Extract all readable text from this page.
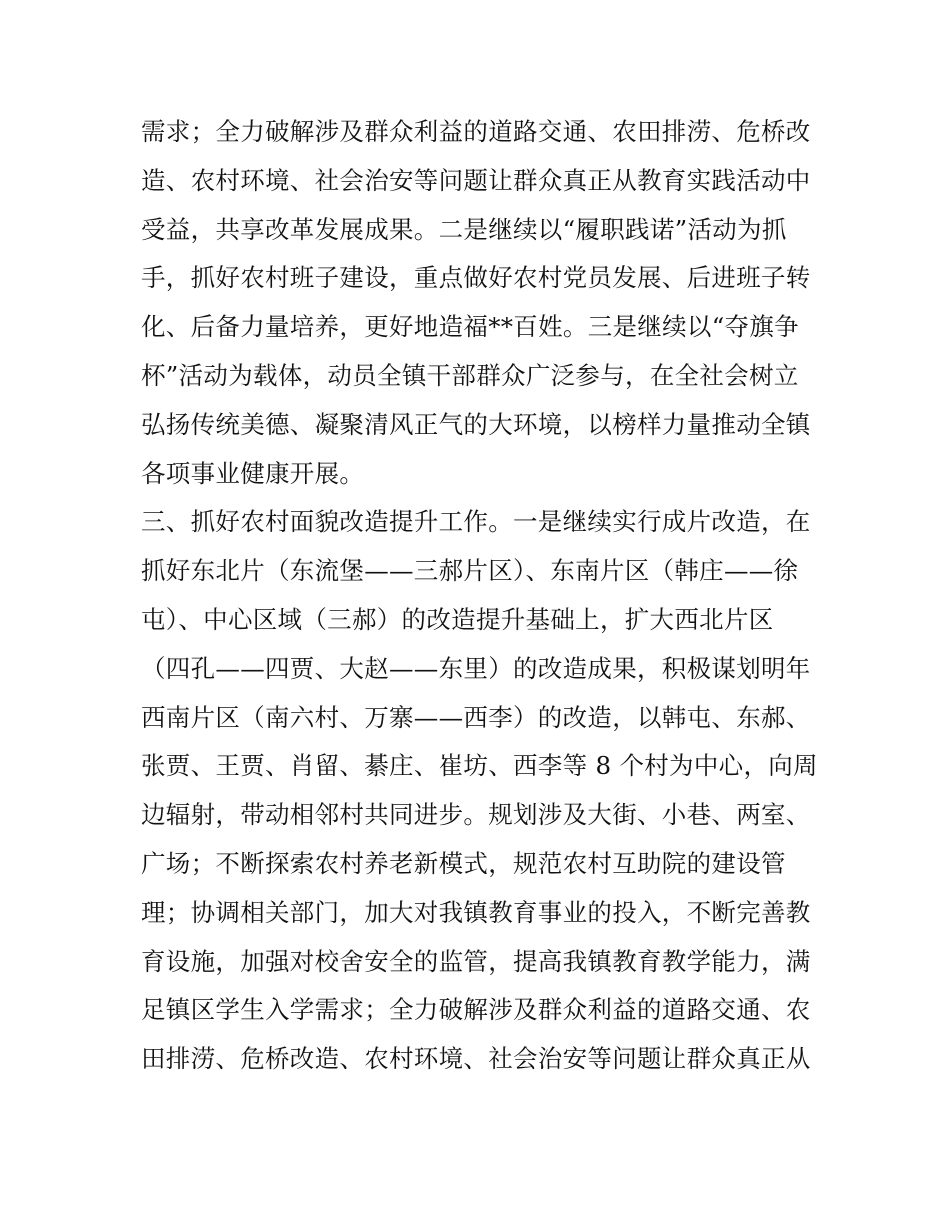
需求；全力破解涉及群众利益的道路交通、农田排涝、危桥改
造、农村环境、社会治安等问题让群众真正从教育实践活动中
受益，共享改革发展成果。二是继续以“履职践诺”活动为抓
手，抓好农村班子建设，重点做好农村党员发展、后进班子转
化、后备力量培养，更好地造福**百姓。三是继续以“夺旗争
杯”活动为载体，动员全镇干部群众广泛参与，在全社会树立
弘扬传统美德、凝聚清风正气的大环境，以榜样力量推动全镇
各项事业健康开展。
三、抓好农村面貌改造提升工作。一是继续实行成片改造，在
抓好东北片（东流堡——三郝片区）、东南片区（韩庄——徐
屯）、中心区域（三郝）的改造提升基础上，扩大西北片区
（四孔——四贾、大赵——东里）的改造成果，积极谋划明年
西南片区（南六村、万寨——西李）的改造，以韩屯、东郝、
张贾、王贾、肖留、綦庄、崔坊、西李等 8 个村为中心，向周
边辐射，带动相邻村共同进步。规划涉及大街、小巷、两室、
广场；不断探索农村养老新模式，规范农村互助院的建设管
理；协调相关部门，加大对我镇教育事业的投入，不断完善教
育设施，加强对校舍安全的监管，提高我镇教育教学能力，满
足镇区学生入学需求；全力破解涉及群众利益的道路交通、农
田排涝、危桥改造、农村环境、社会治安等问题让群众真正从
